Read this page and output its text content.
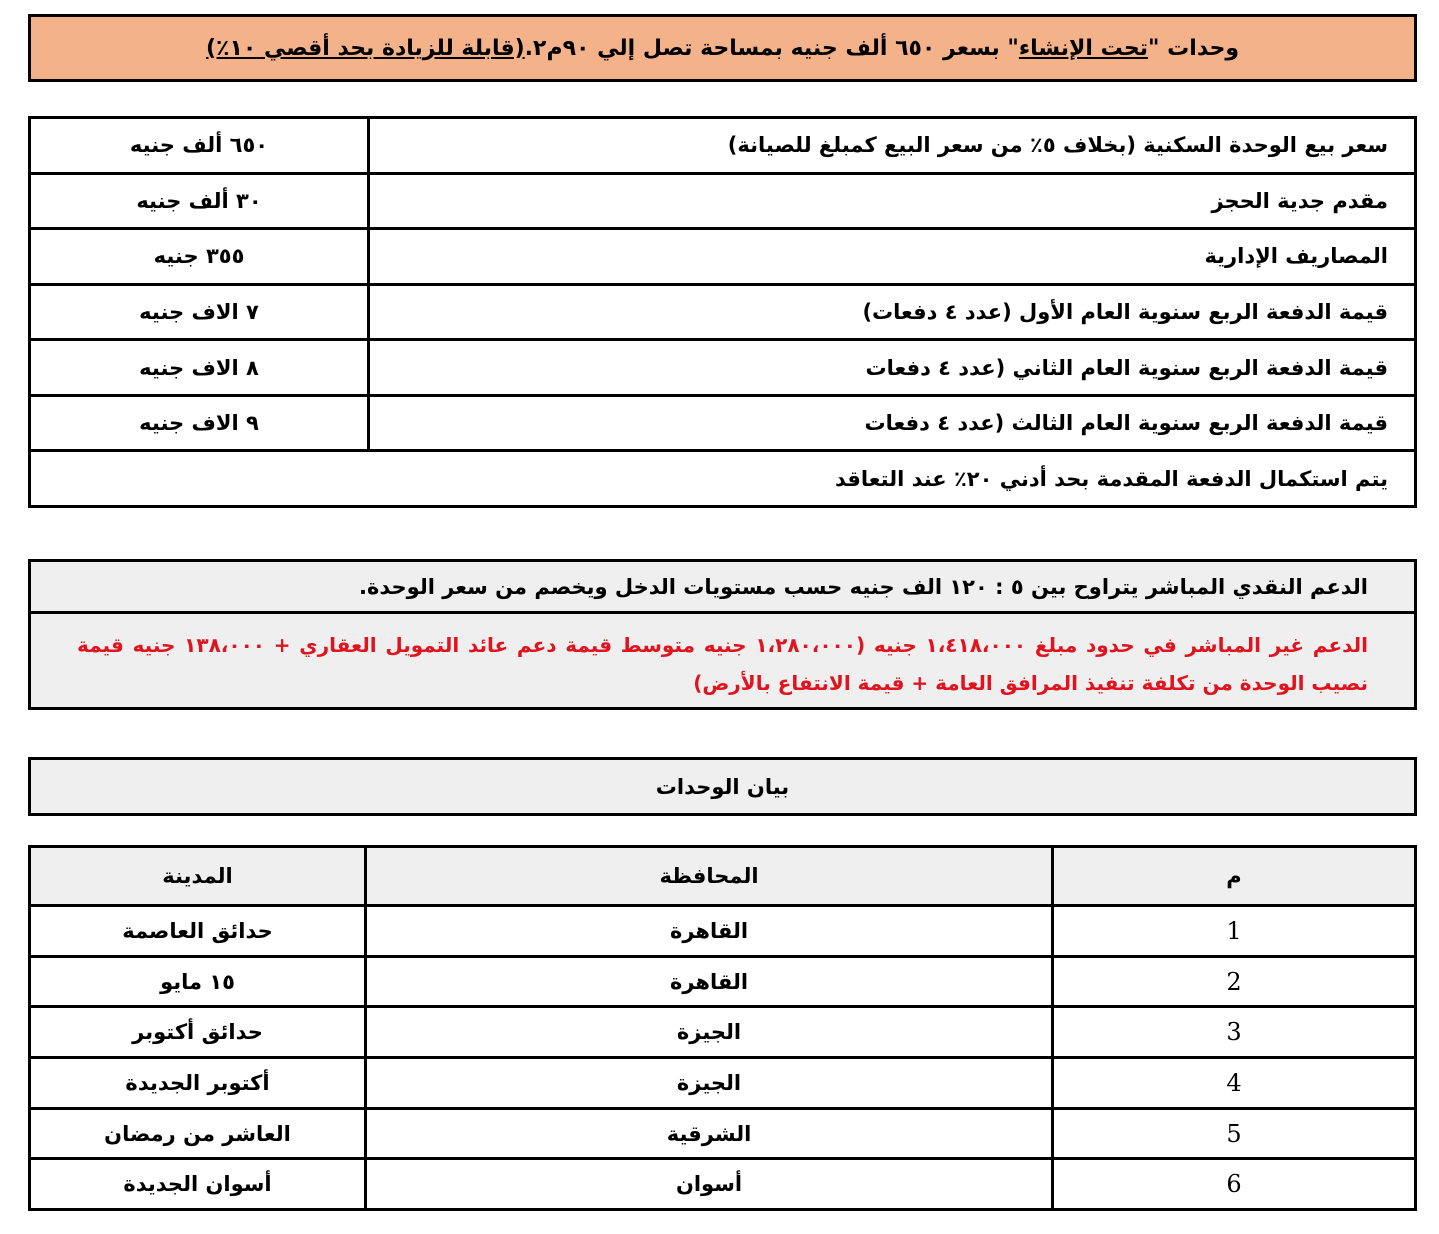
وحدات "تحت الإنشاء" بسعر ٦٥٠ ألف جنيه بمساحة تصل إلي ٩٠م٢.(قابلة للزيادة بحد أقصي ١٠٪)
سعر بيع الوحدة السكنية (بخلاف ٥٪ من سعر البيع كمبلغ للصيانة)
٦٥٠ ألف جنيه
مقدم جدية الحجز
٣٠ ألف جنيه
المصاريف الإدارية
٣٥٥ جنيه
قيمة الدفعة الربع سنوية العام الأول (عدد ٤ دفعات)
٧ الاف جنيه
قيمة الدفعة الربع سنوية العام الثاني (عدد ٤ دفعات
٨ الاف جنيه
قيمة الدفعة الربع سنوية العام الثالث (عدد ٤ دفعات
٩ الاف جنيه
يتم استكمال الدفعة المقدمة بحد أدني ٢٠٪ عند التعاقد
الدعم النقدي المباشر يتراوح بين ٥ : ١٢٠ الف جنيه حسب مستويات الدخل ويخصم من سعر الوحدة.
الدعم غير المباشر في حدود مبلغ ١،٤١٨،٠٠٠ جنيه (١،٢٨٠،٠٠٠ جنيه متوسط قيمة دعم عائد التمويل العقاري + ١٣٨،٠٠٠ جنيه قيمة نصيب الوحدة من تكلفة تنفيذ المرافق العامة + قيمة الانتفاع بالأرض)
بيان الوحدات
م
المحافظة
المدينة
1
القاهرة
حدائق العاصمة
2
القاهرة
١٥ مايو
3
الجيزة
حدائق أكتوبر
4
الجيزة
أكتوبر الجديدة
5
الشرقية
العاشر من رمضان
6
أسوان
أسوان الجديدة
